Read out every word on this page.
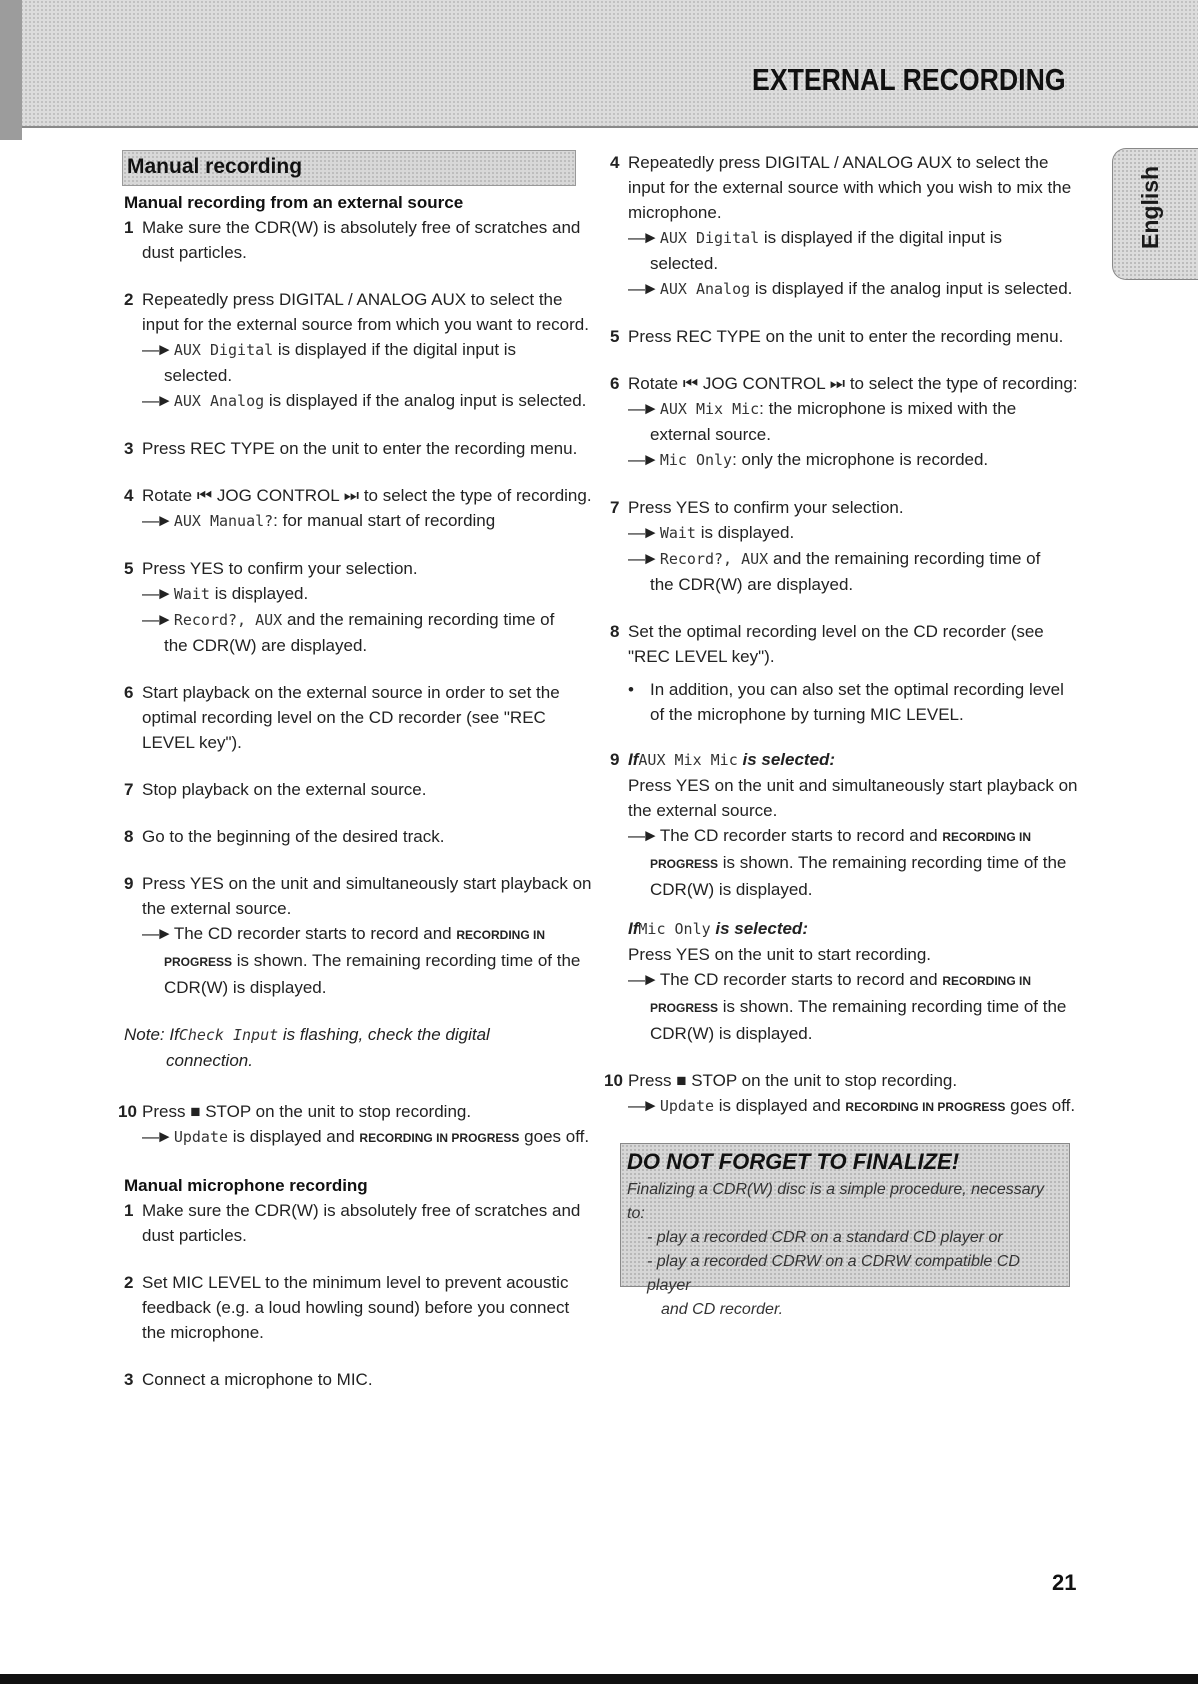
EXTERNAL RECORDING
English
Manual recording
Manual recording from an external source
1 Make sure the CDR(W) is absolutely free of scratches and dust particles.
2 Repeatedly press DIGITAL / ANALOG AUX to select the input for the external source from which you want to record.
—► AUX Digital is displayed if the digital input is
selected.
—► AUX Analog is displayed if the analog input is selected.
3 Press REC TYPE on the unit to enter the recording menu.
4 Rotate ⏮ JOG CONTROL ⏭ to select the type of recording.
—► AUX Manual?: for manual start of recording
5 Press YES to confirm your selection.
—► Wait is displayed.
—► Record?, AUX and the remaining recording time of
the CDR(W) are displayed.
6 Start playback on the external source in order to set the optimal recording level on the CD recorder (see "REC LEVEL key").
7 Stop playback on the external source.
8 Go to the beginning of the desired track.
9 Press YES on the unit and simultaneously start playback on the external source.
—► The CD recorder starts to record and RECORDING IN
PROGRESS is shown. The remaining recording time of the
CDR(W) is displayed.
Note: IfCheck Input is flashing, check the digital
connection.
10 Press ■ STOP on the unit to stop recording.
—► Update is displayed and RECORDING IN PROGRESS goes off.
Manual microphone recording
1 Make sure the CDR(W) is absolutely free of scratches and dust particles.
2 Set MIC LEVEL to the minimum level to prevent acoustic feedback (e.g. a loud howling sound) before you connect the microphone.
3 Connect a microphone to MIC.
4 Repeatedly press DIGITAL / ANALOG AUX to select the input for the external source with which you wish to mix the microphone.
—► AUX Digital is displayed if the digital input is
selected.
—► AUX Analog is displayed if the analog input is selected.
5 Press REC TYPE on the unit to enter the recording menu.
6 Rotate ⏮ JOG CONTROL ⏭ to select the type of recording:
—► AUX Mix Mic: the microphone is mixed with the
external source.
—► Mic Only: only the microphone is recorded.
7 Press YES to confirm your selection.
—► Wait is displayed.
—► Record?, AUX and the remaining recording time of
the CDR(W) are displayed.
8 Set the optimal recording level on the CD recorder (see "REC LEVEL key").
• In addition, you can also set the optimal recording level of the microphone by turning MIC LEVEL.
9 IfAUX Mix Mic is selected:
Press YES on the unit and simultaneously start playback on the external source.
—► The CD recorder starts to record and RECORDING IN
PROGRESS is shown. The remaining recording time of the
CDR(W) is displayed.
IfMic Only is selected:
Press YES on the unit to start recording.
—► The CD recorder starts to record and RECORDING IN
PROGRESS is shown. The remaining recording time of the
CDR(W) is displayed.
10 Press ■ STOP on the unit to stop recording.
—► Update is displayed and RECORDING IN PROGRESS goes off.
DO NOT FORGET TO FINALIZE!
Finalizing a CDR(W) disc is a simple procedure, necessary to:
- play a recorded CDR on a standard CD player or
- play a recorded CDRW on a CDRW compatible CD player
and CD recorder.
21
